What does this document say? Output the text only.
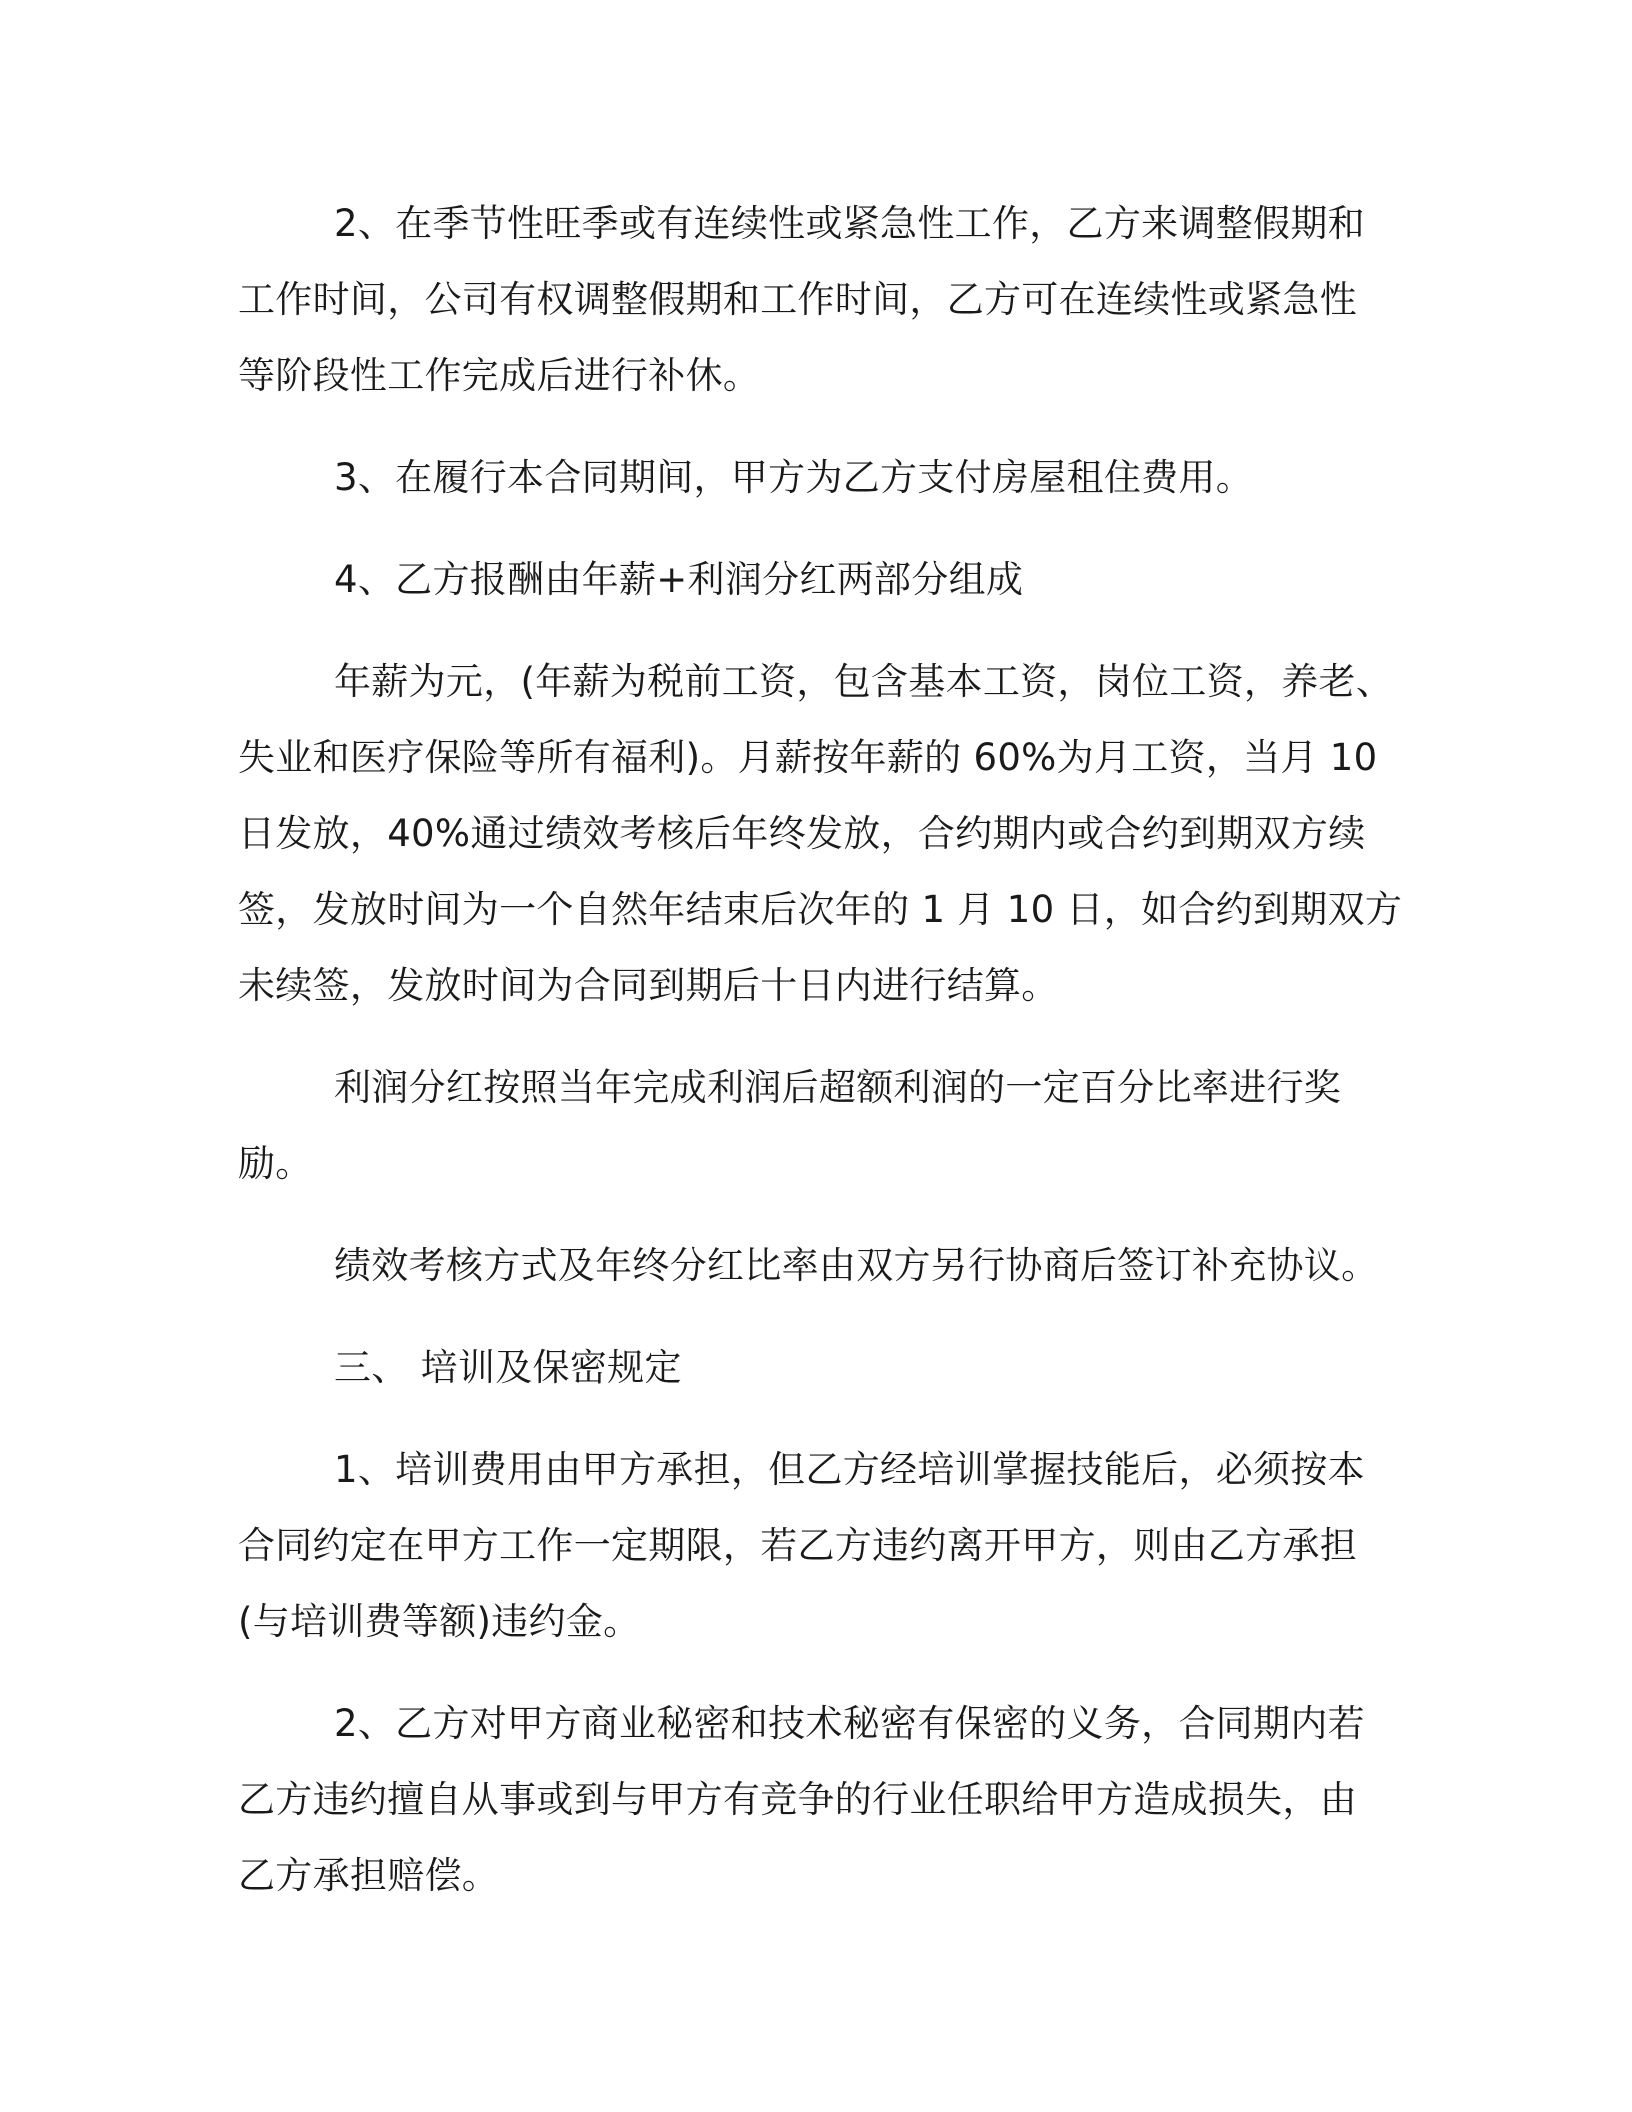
2、在季节性旺季或有连续性或紧急性工作，乙方来调整假期和
工作时间，公司有权调整假期和工作时间，乙方可在连续性或紧急性
等阶段性工作完成后进行补休。
3、在履行本合同期间，甲方为乙方支付房屋租住费用。
4、乙方报酬由年薪+利润分红两部分组成
年薪为元，(年薪为税前工资，包含基本工资，岗位工资，养老、
失业和医疗保险等所有福利)。月薪按年薪的 60%为月工资，当月 10
日发放，40%通过绩效考核后年终发放，合约期内或合约到期双方续
签，发放时间为一个自然年结束后次年的 1 月 10 日，如合约到期双方
未续签，发放时间为合同到期后十日内进行结算。
利润分红按照当年完成利润后超额利润的一定百分比率进行奖励。
绩效考核方式及年终分红比率由双方另行协商后签订补充协议。
三、 培训及保密规定
1、培训费用由甲方承担，但乙方经培训掌握技能后，必须按本
合同约定在甲方工作一定期限，若乙方违约离开甲方，则由乙方承担
(与培训费等额)违约金。
2、乙方对甲方商业秘密和技术秘密有保密的义务，合同期内若
乙方违约擅自从事或到与甲方有竞争的行业任职给甲方造成损失，由
乙方承担赔偿。
